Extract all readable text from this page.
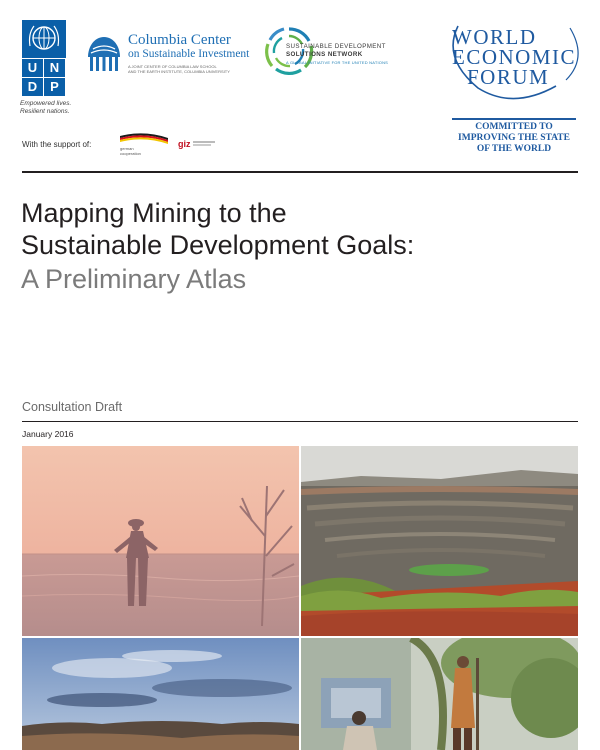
U N
D P
Empowered lives.
Resilient nations.
Columbia Center
on Sustainable Investment
A JOINT CENTER OF COLUMBIA LAW SCHOOL
AND THE EARTH INSTITUTE, COLUMBIA UNIVERSITY
SUSTAINABLE DEVELOPMENT
SOLUTIONS NETWORK
A GLOBAL INITIATIVE FOR THE UNITED NATIONS
WORLD
ECONOMIC
FORUM
COMMITTED TO
IMPROVING THE STATE
OF THE WORLD
With the support of:	german
cooperation
giz
Mapping Mining to the
Sustainable Development Goals:
A Preliminary Atlas
Consultation Draft
January 2016
